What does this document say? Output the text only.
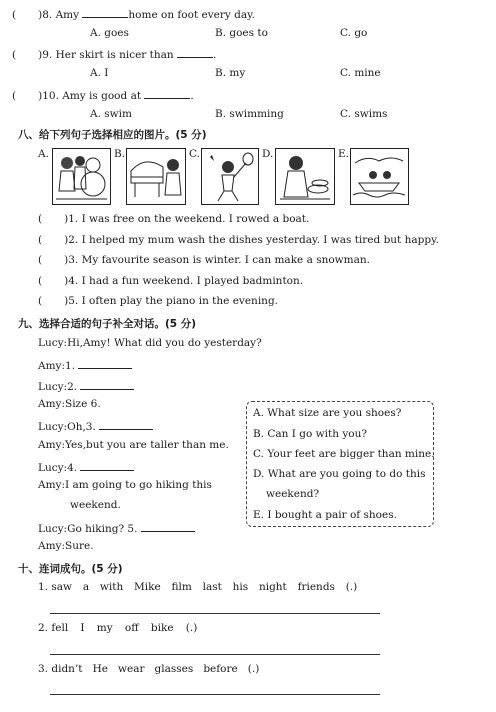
( )8. Amy	home on foot every day.
A. goes	B. goes to	C. go
( )9. Her skirt is nicer than	.
A. I	B. my	C. mine
( )10. Amy is good at	.
A. swim	B. swimming	C. swims
八、给下列句子选择相应的图片。(5 分)
A.	B.	C.	D.	E.
( )1. I was free on the weekend. I rowed a boat.
( )2. I helped my mum wash the dishes yesterday. I was tired but happy.
( )3. My favourite season is winter. I can make a snowman.
( )4. I had a fun weekend. I played badminton.
( )5. I often play the piano in the evening.
九、选择合适的句子补全对话。(5 分)
Lucy:Hi,Amy! What did you do yesterday?
Amy:1.
Lucy:2.
Amy:Size 6.
Lucy:Oh,3.
Amy:Yes,but you are taller than me.
Lucy:4.
Amy:I am going to go hiking this
weekend.
Lucy:Go hiking? 5.
Amy:Sure.
A. What size are you shoes?
B. Can I go with you?
C. Your feet are bigger than mine.
D. What are you going to do this
weekend?
E. I bought a pair of shoes.
十、连词成句。(5 分)
1. saw a with Mike film last his night friends (.)
2. fell I my off bike (.)
3. didn’t He wear glasses before (.)
